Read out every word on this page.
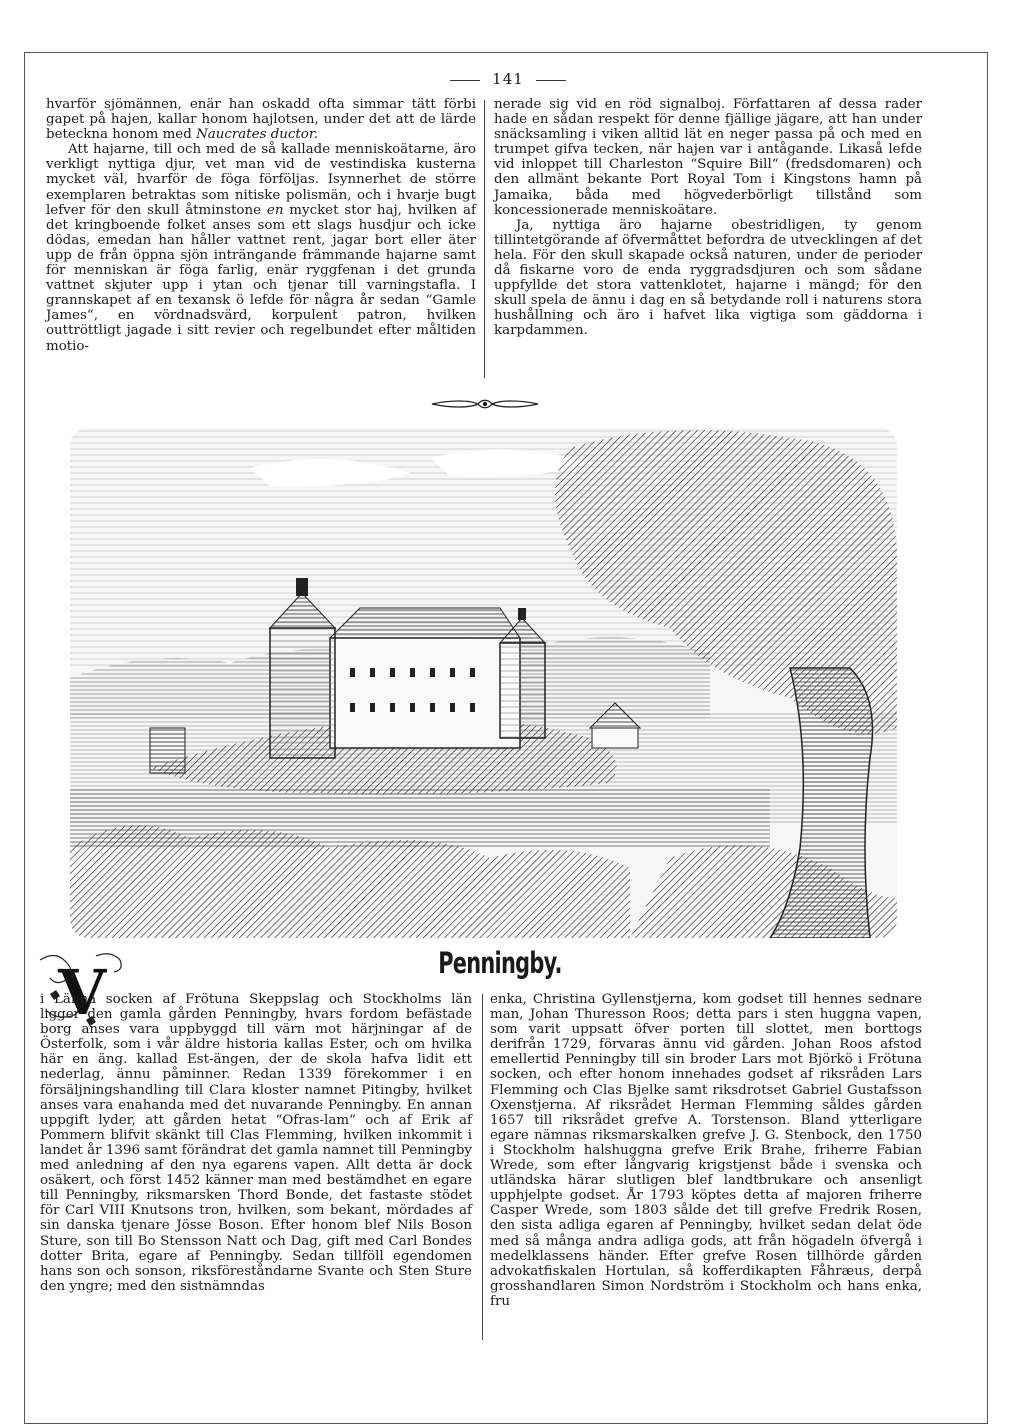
141

hvarför sjömännen, enär han oskadd ofta simmar tätt förbi gapet på hajen, kallar honom hajlotsen, under det att de lärde beteckna honom med Naucrates ductor.

Att hajarne, till och med de så kallade menniskoätarne, äro verkligt nyttiga djur, vet man vid de vestindiska kusterna mycket väl, hvarför de föga förföljas. Isynnerhet de större exemplaren betraktas som nitiske polismän, och i hvarje bugt lefver för den skull åtminstone en mycket stor haj, hvilken af det kringboende folket anses som ett slags husdjur och icke dödas, emedan han håller vattnet rent, jagar bort eller äter upp de från öppna sjön inträngande främmande hajarne samt för menniskan är föga farlig, enär ryggfenan i det grunda vattnet skjuter upp i ytan och tjenar till varningstafla. I grannskapet af en texansk ö lefde för några år sedan “Gamle James“, en vördnadsvärd, korpulent patron, hvilken outtröttligt jagade i sitt revier och regelbundet efter måltiden motio-

nerade sig vid en röd signalboj. Författaren af dessa rader hade en sådan respekt för denne fjällige jägare, att han under snäcksamling i viken alltid lät en neger passa på och med en trumpet gifva tecken, när hajen var i antågande. Likaså lefde vid inloppet till Charleston “Squire Bill“ (fredsdomaren) och den allmänt bekante Port Royal Tom i Kingstons hamn på Jamaika, båda med högvederbörligt tillstånd som koncessionerade menniskoätare.

Ja, nyttiga äro hajarne obestridligen, ty genom tillintetgörande af öfvermåttet befordra de utvecklingen af det hela. För den skull skapade också naturen, under de perioder då fiskarne voro de enda ryggradsdjuren och som sådane uppfyllde det stora vattenklotet, hajarne i mängd; för den skull spela de ännu i dag en så betydande roll i naturens stora hushållning och äro i hafvet lika vigtiga som gäddorna i karpdammen.

Penningby.
V

i Länna socken af Frötuna Skeppslag och Stockholms län ligger den gamla gården Penningby, hvars fordom befästade borg anses vara uppbyggd till värn mot härjningar af de Österfolk, som i vår äldre historia kallas Ester, och om hvilka här en äng. kallad Est-ängen, der de skola hafva lidit ett nederlag, ännu påminner. Redan 1339 förekommer i en försäljningshandling till Clara kloster namnet Pitingby, hvilket anses vara enahanda med det nuvarande Penningby. En annan uppgift lyder, att gården hetat “Ofras-lam“ och af Erik af Pommern blifvit skänkt till Clas Flemming, hvilken inkommit i landet år 1396 samt förändrat det gamla namnet till Penningby med anledning af den nya egarens vapen. Allt detta är dock osäkert, och först 1452 känner man med bestämdhet en egare till Penningby, riksmarsken Thord Bonde, det fastaste stödet för Carl VIII Knutsons tron, hvilken, som bekant, mördades af sin danska tjenare Jösse Boson. Efter honom blef Nils Boson Sture, son till Bo Stensson Natt och Dag, gift med Carl Bondes dotter Brita, egare af Penningby. Sedan tillföll egendomen hans son och sonson, riksföreståndarne Svante och Sten Sture den yngre; med den sistnämndas

enka, Christina Gyllenstjerna, kom godset till hennes sednare man, Johan Thuresson Roos; detta pars i sten huggna vapen, som varit uppsatt öfver porten till slottet, men borttogs derifrån 1729, förvaras ännu vid gården. Johan Roos afstod emellertid Penningby till sin broder Lars mot Björkö i Frötuna socken, och efter honom innehades godset af riksråden Lars Flemming och Clas Bjelke samt riksdrotset Gabriel Gustafsson Oxenstjerna. Af riksrådet Herman Flemming såldes gården 1657 till riksrådet grefve A. Torstenson. Bland ytterligare egare nämnas riksmarskalken grefve J. G. Stenbock, den 1750 i Stockholm halshuggna grefve Erik Brahe, friherre Fabian Wrede, som efter långvarig krigstjenst både i svenska och utländska härar slutligen blef landtbrukare och ansenligt upphjelpte godset. År 1793 köptes detta af majoren friherre Casper Wrede, som 1803 sålde det till grefve Fredrik Rosen, den sista adliga egaren af Penningby, hvilket sedan delat öde med så många andra adliga gods, att från högadeln öfvergå i medelklassens händer. Efter grefve Rosen tillhörde gården advokatfiskalen Hortulan, så kofferdikapten Fåhræus, derpå grosshandlaren Simon Nordström i Stockholm och hans enka, fru
